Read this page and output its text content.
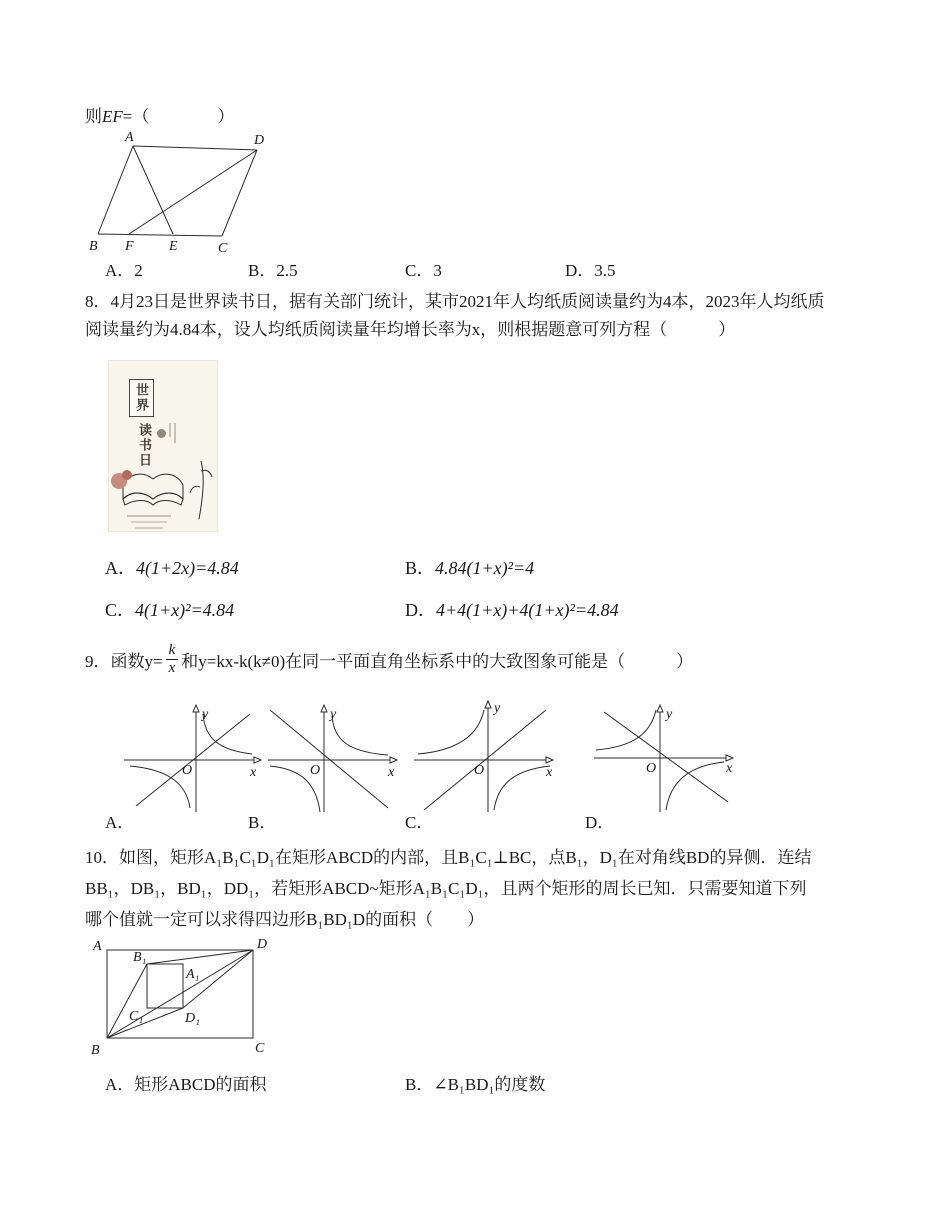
则EF=（　　　　）
A	D
B F	E	C
A．2	B．2.5	C．3	D．3.5
8．4月23日是世界读书日，据有关部门统计，某市2021年人均纸质阅读量约为4本，2023年人均纸质
阅读量约为4.84本，设人均纸质阅读量年均增长率为x，则根据题意可列方程（　　　）
世界
读书日
A．4(1+2x)=4.84	B．4.84(1+x)²=4
C．4(1+x)²=4.84	D．4+4(1+x)+4(1+x)²=4.84
9．函数$y= \frac{k}{x}$ 和y=kx-k(k≠0)在同一平面直角坐标系中的大致图象可能是（　　　）
y
x
O
y
x
O
y
x
O
y
x
O
A．	B．	C．	D．
10．如图，矩形A₁B₁C₁D₁在矩形ABCD的内部，且B₁C₁⊥BC，点B₁，D₁在对角线BD的异侧．连结
BB₁，DB₁，BD₁，DD₁，若矩形ABCD~矩形A₁B₁C₁D₁，且两个矩形的周长已知．只需要知道下列
哪个值就一定可以求得四边形B₁BD₁D的面积（　　）
A	D
B	C
B₁
A₁
C₁	D₁
A．矩形ABCD的面积	B．∠B₁BD₁的度数
